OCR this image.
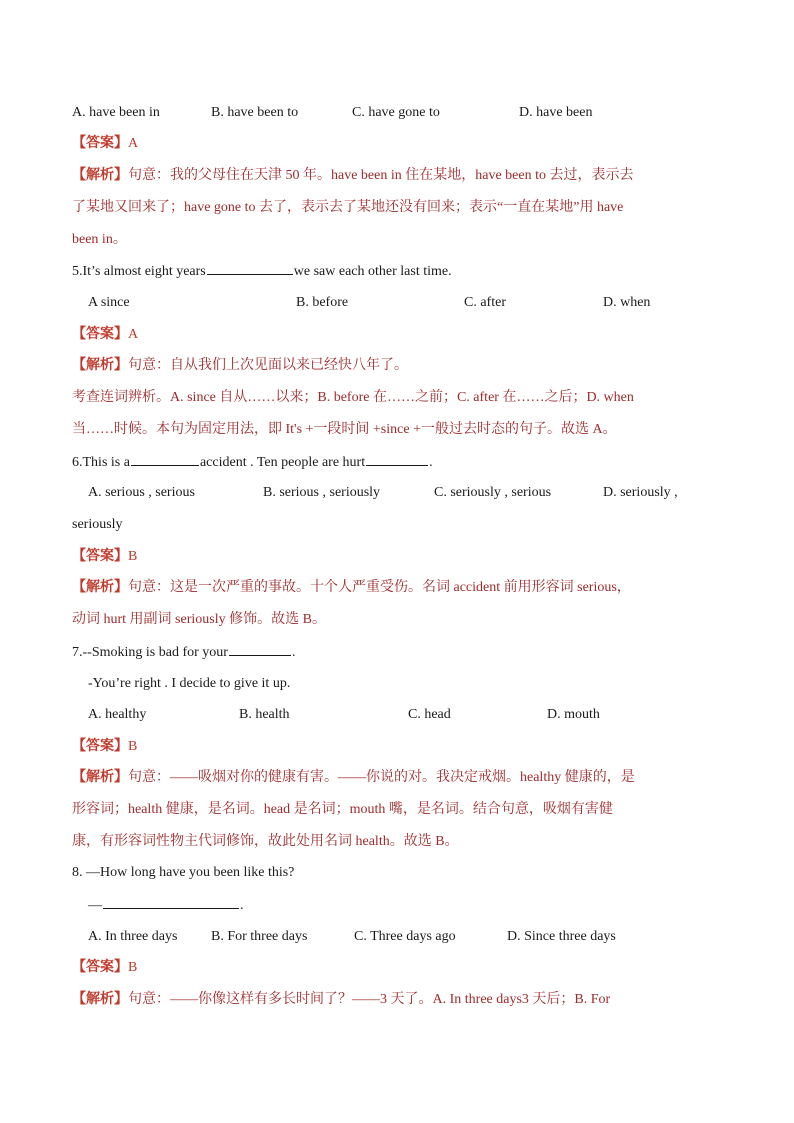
A. have been in	B. have been to	C. have gone to	D. have been
【答案】A
【解析】句意：我的父母住在天津 50 年。have been in 住在某地，have been to 去过，表示去
了某地又回来了；have gone to 去了，表示去了某地还没有回来；表示“一直在某地”用 have
been in。
5.It’s almost eight years	we saw each other last time.
A since	B. before	C. after	D. when
【答案】A
【解析】句意：自从我们上次见面以来已经快八年了。
考查连词辨析。A. since 自从……以来；B. before 在……之前；C. after 在……之后；D. when
当……时候。本句为固定用法，即 It's +一段时间 +since +一般过去时态的句子。故选 A。
6.This is a	accident . Ten people are hurt	.
A. serious , serious	B. serious , seriously	C. seriously , serious	D. seriously ,
seriously
【答案】B
【解析】句意：这是一次严重的事故。十个人严重受伤。名词 accident 前用形容词 serious，
动词 hurt 用副词 seriously 修饰。故选 B。
7.--Smoking is bad for your	.
-You’re right . I decide to give it up.
A. healthy	B. health	C. head	D. mouth
【答案】B
【解析】句意：——吸烟对你的健康有害。——你说的对。我决定戒烟。healthy 健康的，是
形容词；health 健康，是名词。head 是名词；mouth 嘴，是名词。结合句意，吸烟有害健
康，有形容词性物主代词修饰，故此处用名词 health。故选 B。
8. —How long have you been like this?
—	.
A. In three days B. For three days	C. Three days ago	D. Since three days
【答案】B
【解析】句意：——你像这样有多长时间了？——3 天了。A. In three days3 天后；B. For
